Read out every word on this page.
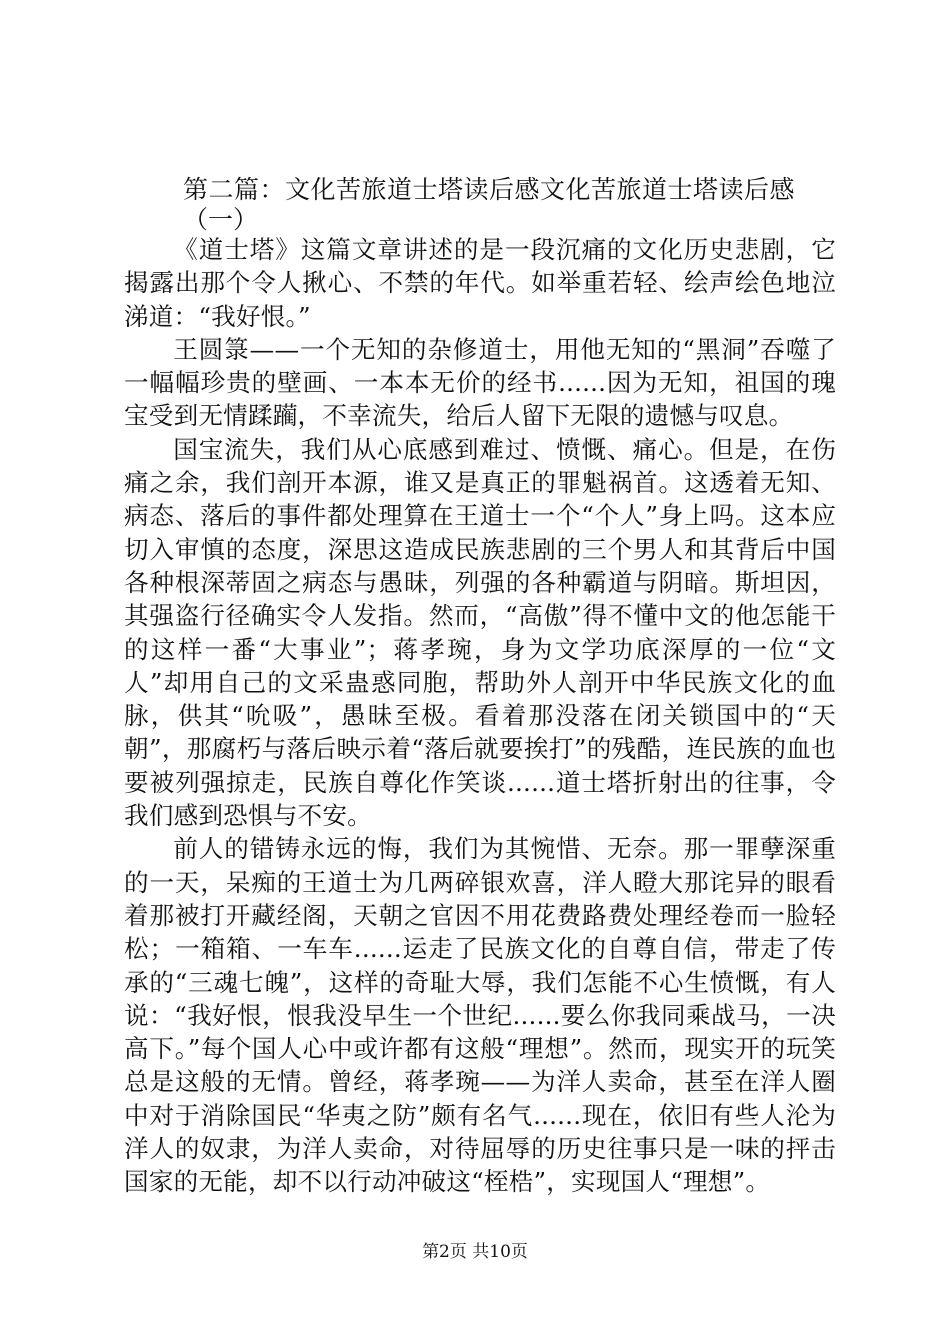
第二篇：文化苦旅道士塔读后感文化苦旅道士塔读后感
（一）

《道士塔》这篇文章讲述的是一段沉痛的文化历史悲剧，它揭露出那个令人揪心、不禁的年代。如举重若轻、绘声绘色地泣涕道：“我好恨。”

王圆箓——一个无知的杂修道士，用他无知的“黑洞”吞噬了一幅幅珍贵的壁画、一本本无价的经书......因为无知，祖国的瑰宝受到无情蹂躏，不幸流失，给后人留下无限的遗憾与叹息。

国宝流失，我们从心底感到难过、愤慨、痛心。但是，在伤痛之余，我们剖开本源，谁又是真正的罪魁祸首。这透着无知、病态、落后的事件都处理算在王道士一个“个人”身上吗。这本应切入审慎的态度，深思这造成民族悲剧的三个男人和其背后中国各种根深蒂固之病态与愚昧，列强的各种霸道与阴暗。斯坦因，其强盗行径确实令人发指。然而，“高傲”得不懂中文的他怎能干的这样一番“大事业”；蒋孝琬，身为文学功底深厚的一位“文人”却用自己的文采蛊惑同胞，帮助外人剖开中华民族文化的血脉，供其“吮吸”，愚昧至极。看着那没落在闭关锁国中的“天朝”，那腐朽与落后映示着“落后就要挨打”的残酷，连民族的血也要被列强掠走，民族自尊化作笑谈......道士塔折射出的往事，令我们感到恐惧与不安。

前人的错铸永远的悔，我们为其惋惜、无奈。那一罪孽深重的一天，呆痴的王道士为几两碎银欢喜，洋人瞪大那诧异的眼看着那被打开藏经阁，天朝之官因不用花费路费处理经卷而一脸轻松；一箱箱、一车车......运走了民族文化的自尊自信，带走了传承的“三魂七魄”，这样的奇耻大辱，我们怎能不心生愤慨，有人说：“我好恨，恨我没早生一个世纪......要么你我同乘战马，一决高下。”每个国人心中或许都有这般“理想”。然而，现实开的玩笑总是这般的无情。曾经，蒋孝琬——为洋人卖命，甚至在洋人圈中对于消除国民“华夷之防”颇有名气......现在，依旧有些人沦为洋人的奴隶，为洋人卖命，对待屈辱的历史往事只是一味的抨击国家的无能，却不以行动冲破这“桎梏”，实现国人“理想”。

第2页 共10页
